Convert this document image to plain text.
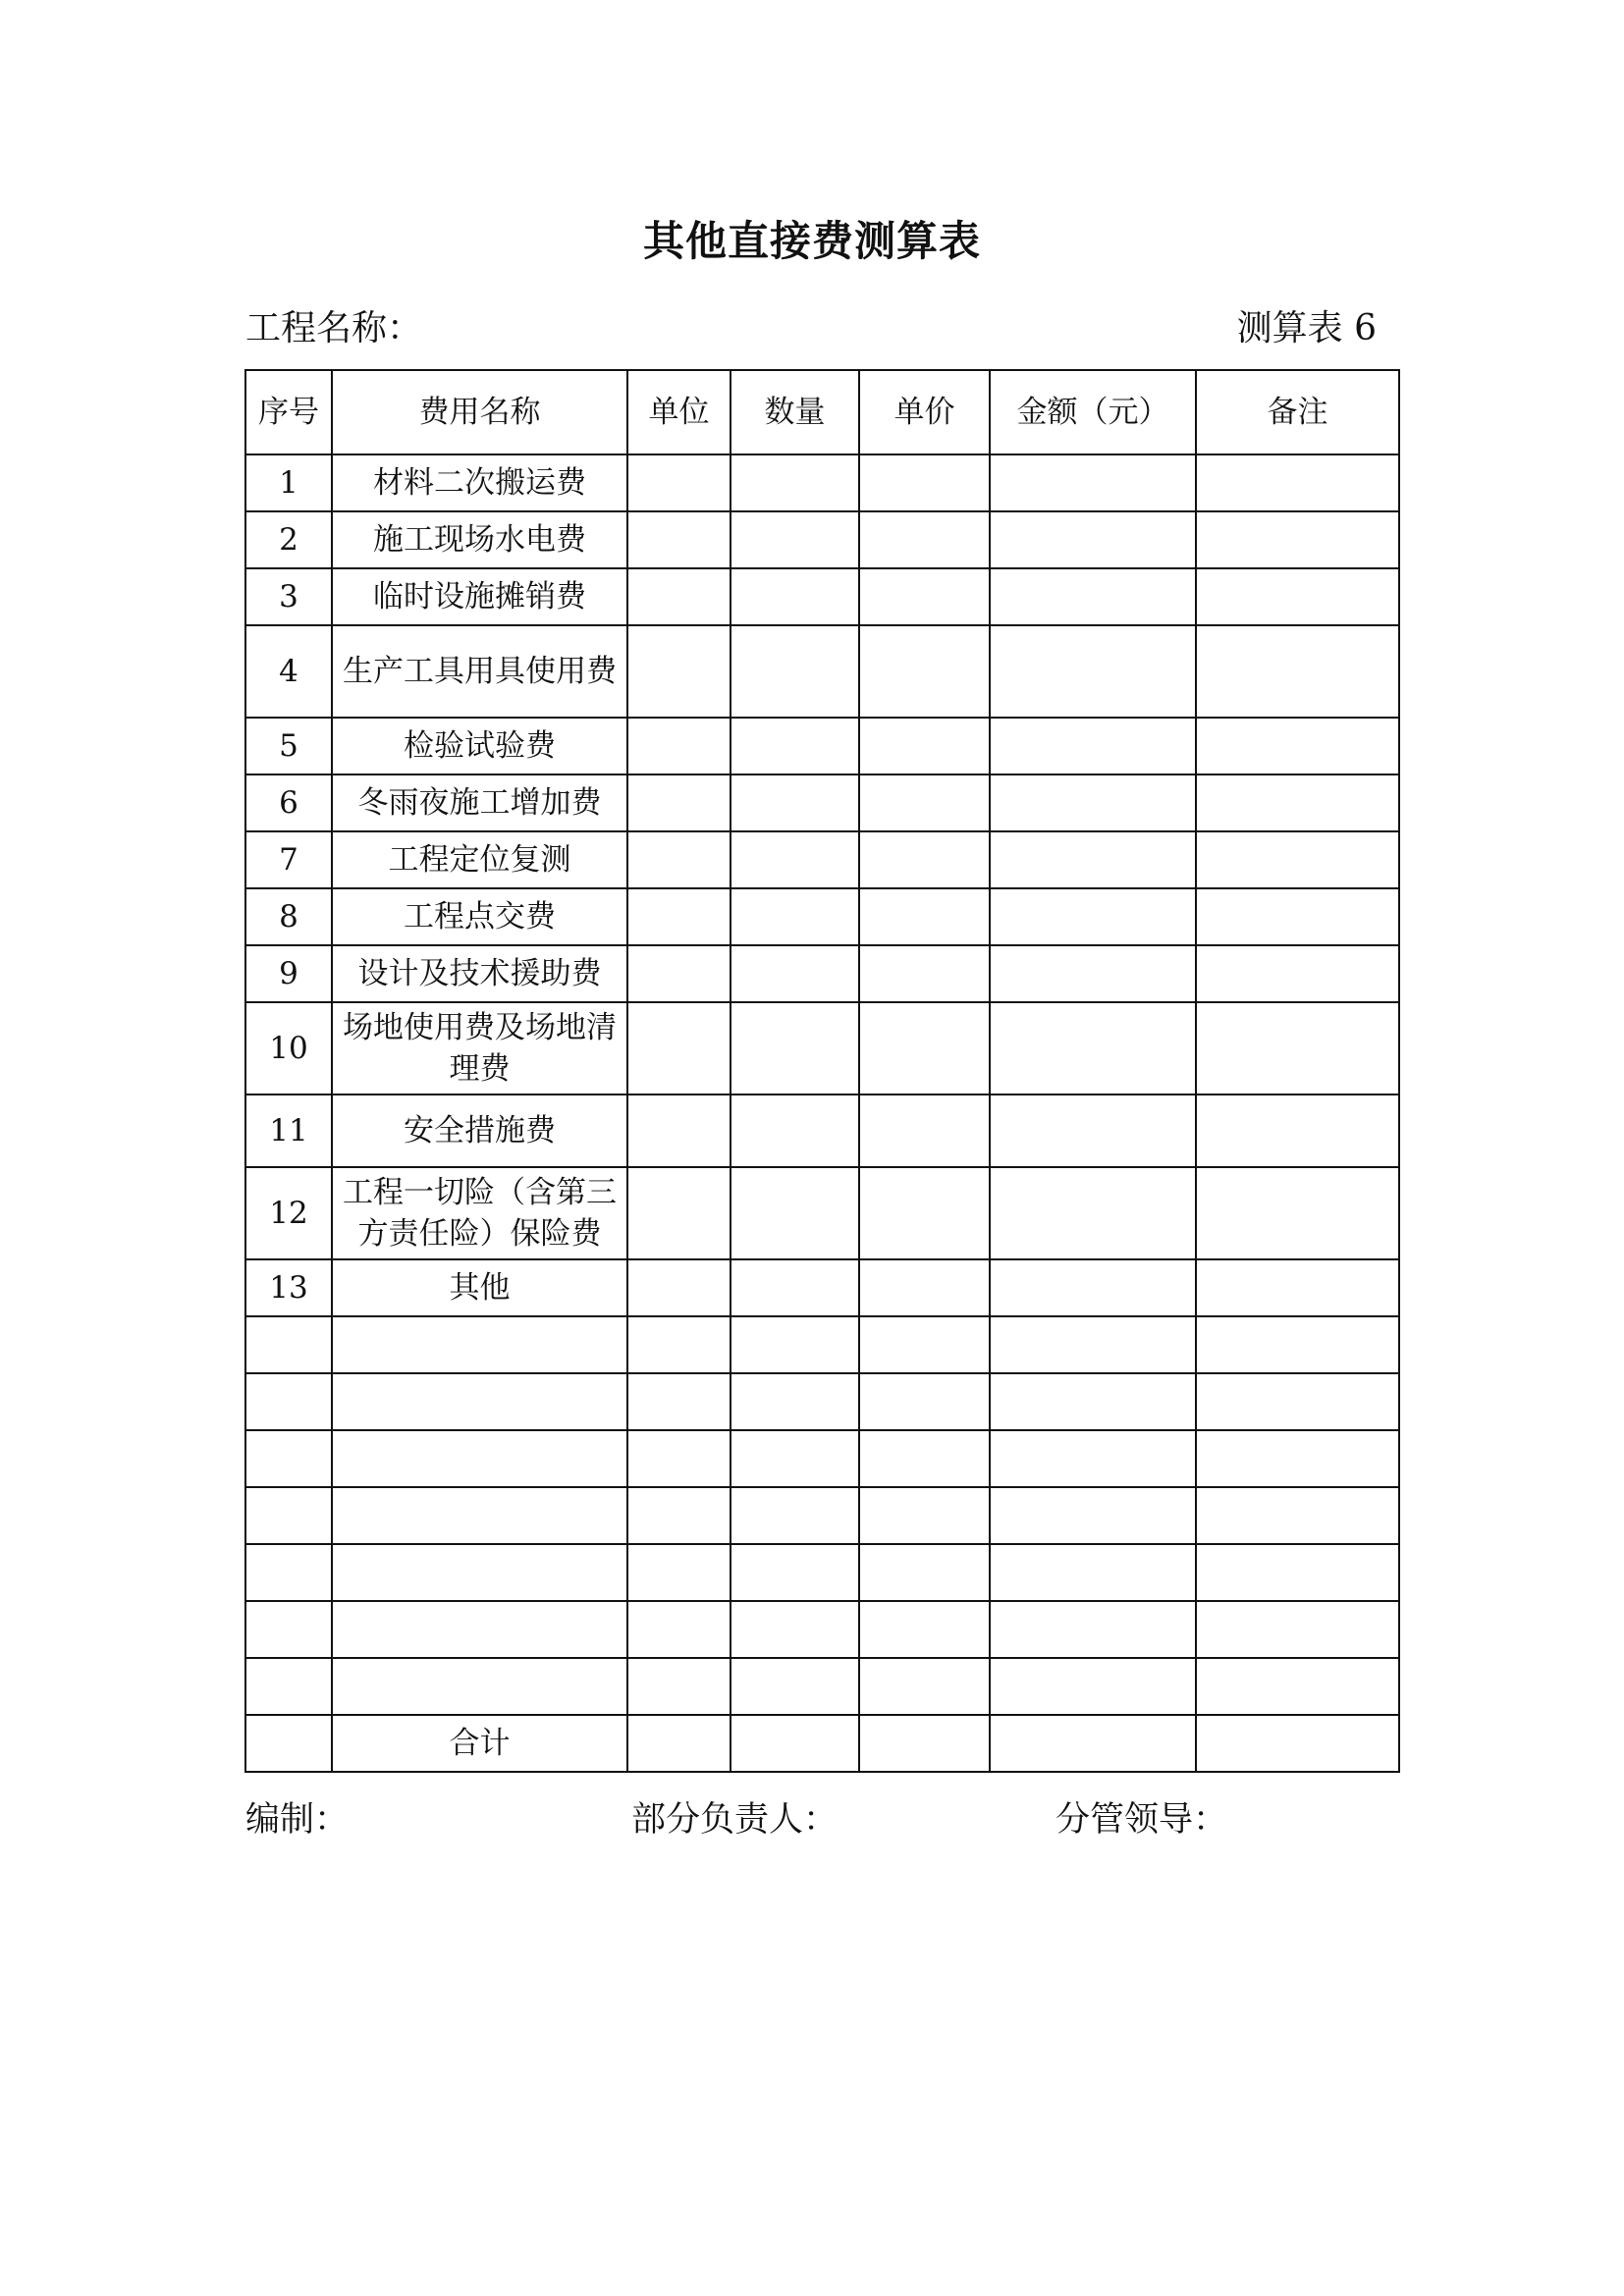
其他直接费测算表
工程名称：	测算表 6
序号	费用名称	单位	数量	单价	金额（元）	备注
1	材料二次搬运费					
2	施工现场水电费					
3	临时设施摊销费					
4	生产工具用具使用费					
5	检验试验费					
6	冬雨夜施工增加费					
7	工程定位复测					
8	工程点交费					
9	设计及技术援助费					
10	场地使用费及场地清理费					
11	安全措施费					
12	工程一切险（含第三方责任险）保险费					
13	其他					

	合计					
编制：	部分负责人：	分管领导：
